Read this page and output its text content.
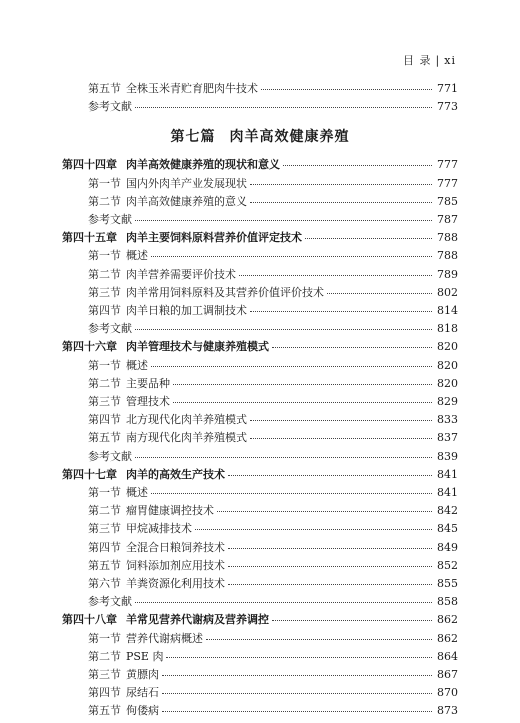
目 录 | xi
第五节 全株玉米青贮育肥肉牛技术	771
参考文献	773
第七篇 肉羊高效健康养殖
第四十四章 肉羊高效健康养殖的现状和意义	777
第一节 国内外肉羊产业发展现状	777
第二节 肉羊高效健康养殖的意义	785
参考文献	787
第四十五章 肉羊主要饲料原料营养价值评定技术	788
第一节 概述	788
第二节 肉羊营养需要评价技术	789
第三节 肉羊常用饲料原料及其营养价值评价技术	802
第四节 肉羊日粮的加工调制技术	814
参考文献	818
第四十六章 肉羊管理技术与健康养殖模式	820
第一节 概述	820
第二节 主要品种	820
第三节 管理技术	829
第四节 北方现代化肉羊养殖模式	833
第五节 南方现代化肉羊养殖模式	837
参考文献	839
第四十七章 肉羊的高效生产技术	841
第一节 概述	841
第二节 瘤胃健康调控技术	842
第三节 甲烷减排技术	845
第四节 全混合日粮饲养技术	849
第五节 饲料添加剂应用技术	852
第六节 羊粪资源化利用技术	855
参考文献	858
第四十八章 羊常见营养代谢病及营养调控	862
第一节 营养代谢病概述	862
第二节 PSE 肉	864
第三节 黄膘肉	867
第四节 尿结石	870
第五节 佝偻病	873
